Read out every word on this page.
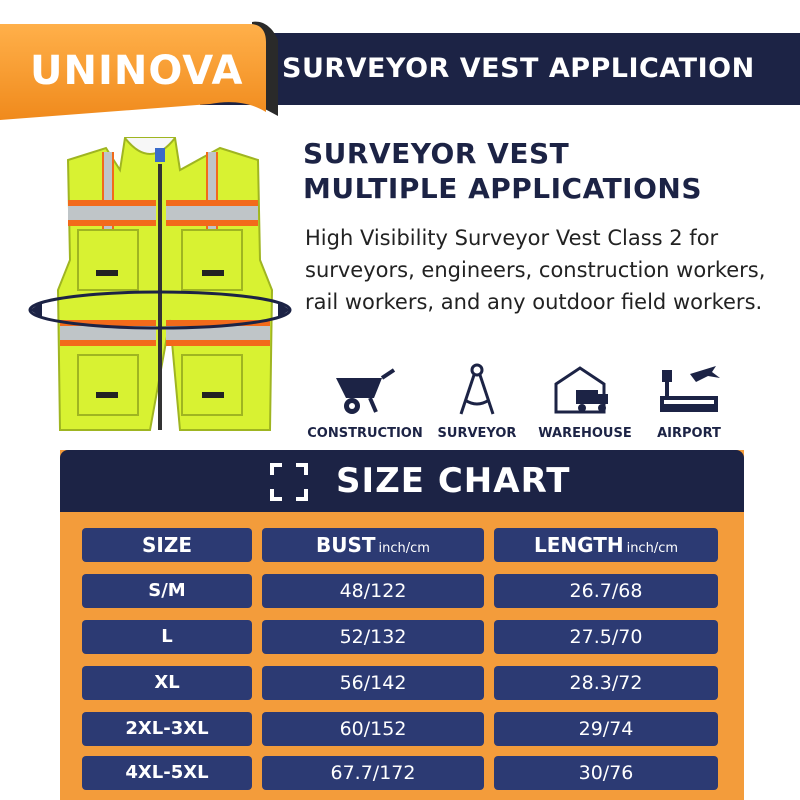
SURVEYOR VEST APPLICATION
UNINOVA
SURVEYOR VEST
MULTIPLE APPLICATIONS
High Visibility Surveyor Vest Class 2 for surveyors, engineers, construction workers, rail workers, and any outdoor field workers.
CONSTRUCTION	SURVEYOR	WAREHOUSE	AIRPORT
SIZE CHART
SIZE	BUST inch/cm	LENGTH inch/cm
S/M	48/122	26.7/68
L	52/132	27.5/70
XL	56/142	28.3/72
2XL-3XL	60/152	29/74
4XL-5XL	67.7/172	30/76
